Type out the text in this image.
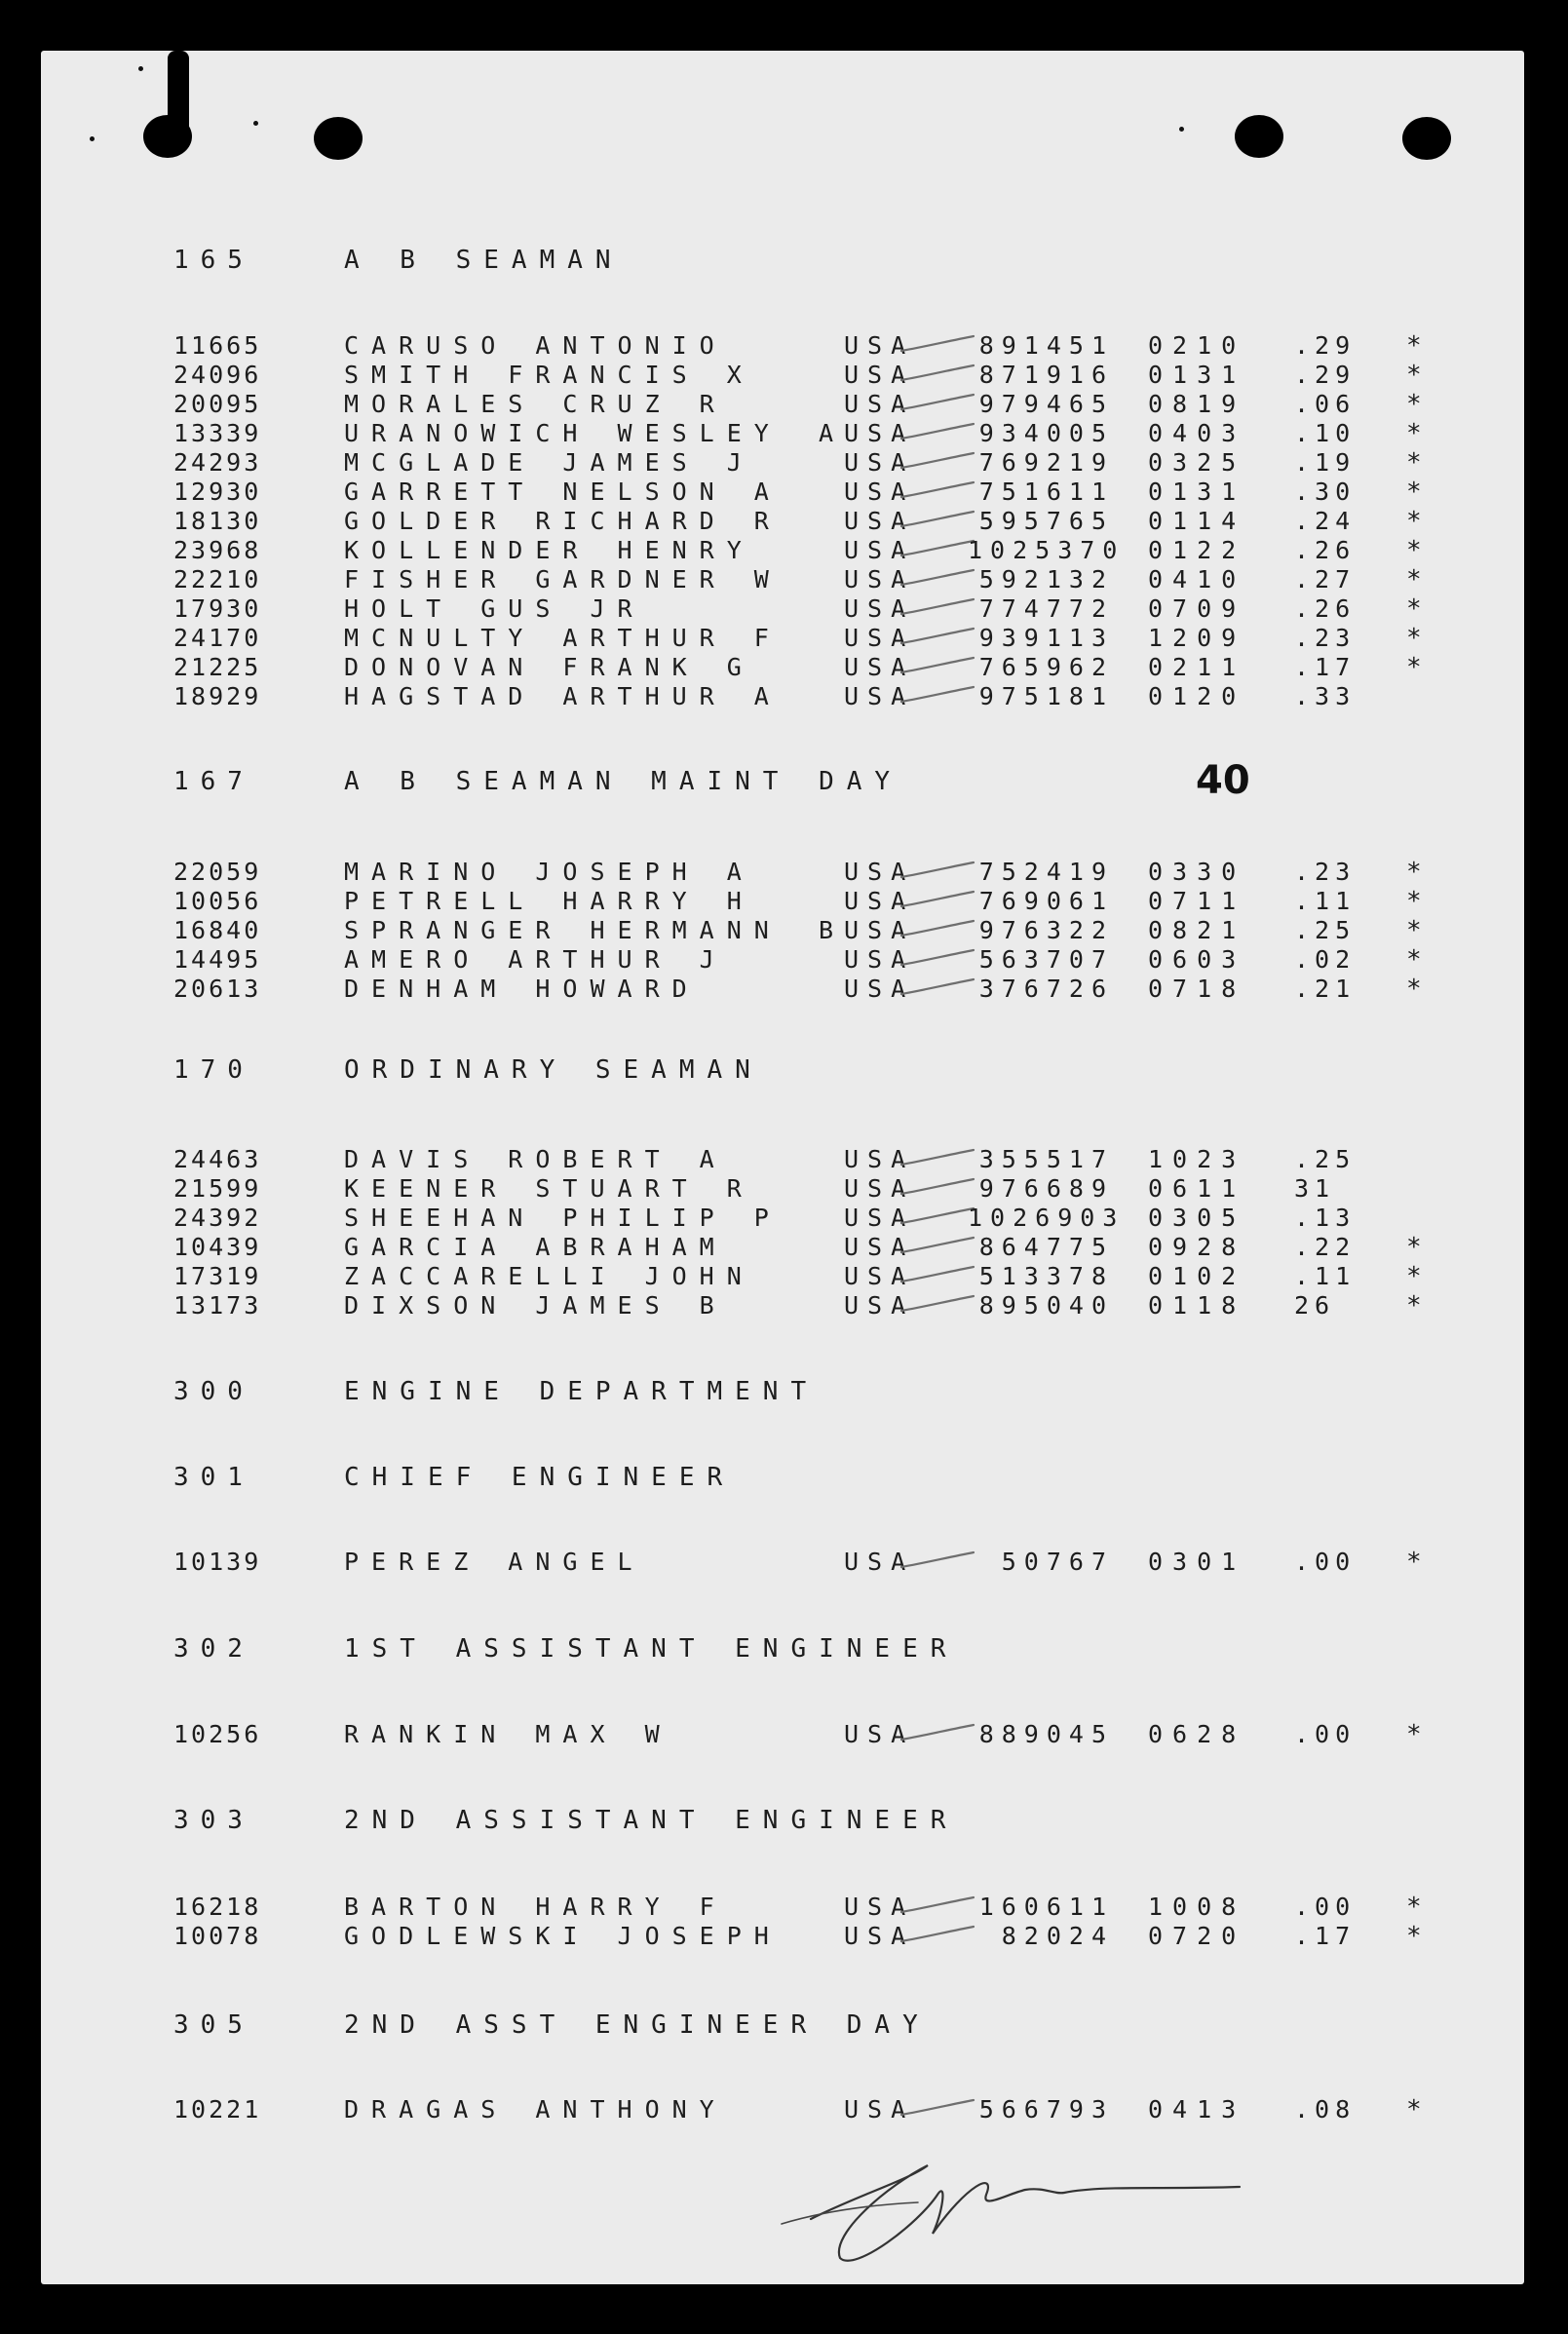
40
165	A B SEAMAN
11665	CARUSO ANTONIO	USA	891451 0210 .29 *
24096	SMITH FRANCIS X	USA	871916 0131 .29 *
20095	MORALES CRUZ R	USA	979465 0819 .06 *
13339	URANOWICH WESLEY A USA	934005 0403 .10 *
24293	MCGLADE JAMES J	USA	769219 0325 .19 *
12930	GARRETT NELSON A	USA	751611 0131 .30 *
18130	GOLDER RICHARD R	USA	595765 0114 .24 *
23968	KOLLENDER HENRY	USA 1025370 0122 .26 *
22210	FISHER GARDNER W	USA	592132 0410 .27 *
17930	HOLT GUS JR	USA	774772 0709 .26 *
24170	MCNULTY ARTHUR F	USA	939113 1209 .23 *
21225	DONOVAN FRANK G	USA	765962 0211 .17 *
18929	HAGSTAD ARTHUR A	USA	975181 0120 .33
167	A B SEAMAN MAINT DAY
22059	MARINO JOSEPH A	USA	752419 0330 .23 *
10056	PETRELL HARRY H	USA	769061 0711 .11 *
16840	SPRANGER HERMANN B USA	976322 0821 .25 *
14495	AMERO ARTHUR J	USA	563707 0603 .02 *
20613	DENHAM HOWARD	USA	376726 0718 .21 *
170	ORDINARY SEAMAN
24463	DAVIS ROBERT A	USA	355517 1023 .25
21599	KEENER STUART R	USA	976689 0611 31
24392	SHEEHAN PHILIP P	USA 1026903 0305 .13
10439	GARCIA ABRAHAM	USA	864775 0928 .22 *
17319	ZACCARELLI JOHN	USA	513378 0102 .11 *
13173	DIXSON JAMES B	USA	895040 0118 26	*
300	ENGINE DEPARTMENT
301	CHIEF ENGINEER
10139	PEREZ ANGEL	USA	50767 0301 .00 *
302	1ST ASSISTANT ENGINEER
10256	RANKIN MAX W	USA	889045 0628 .00 *
303	2ND ASSISTANT ENGINEER
16218	BARTON HARRY F	USA	160611 1008 .00 *
10078	GODLEWSKI JOSEPH	USA	82024 0720 .17 *
305	2ND ASST ENGINEER DAY
10221	DRAGAS ANTHONY	USA	566793 0413 .08 *
